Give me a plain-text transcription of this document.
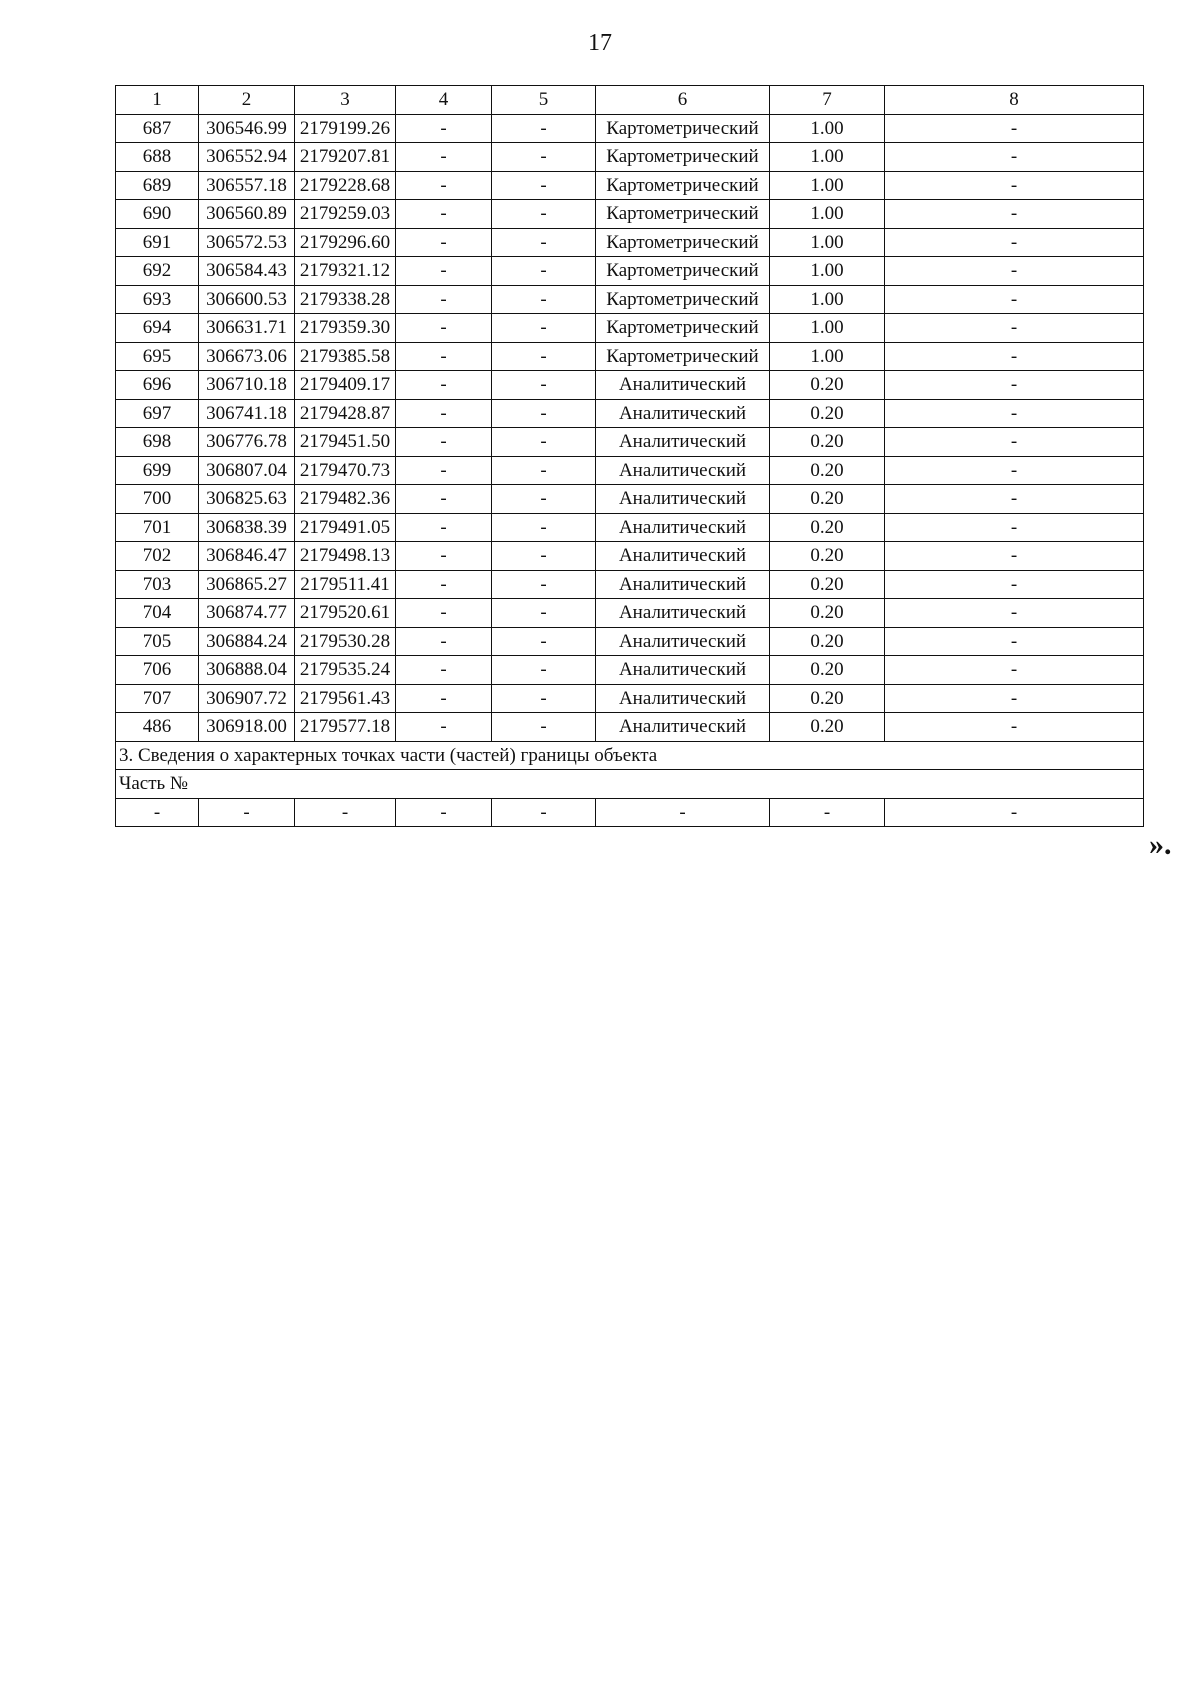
17
1	2	3	4	5	6	7	8
687	306546.99	2179199.26	-	-	Картометрический	1.00	-
688	306552.94	2179207.81	-	-	Картометрический	1.00	-
689	306557.18	2179228.68	-	-	Картометрический	1.00	-
690	306560.89	2179259.03	-	-	Картометрический	1.00	-
691	306572.53	2179296.60	-	-	Картометрический	1.00	-
692	306584.43	2179321.12	-	-	Картометрический	1.00	-
693	306600.53	2179338.28	-	-	Картометрический	1.00	-
694	306631.71	2179359.30	-	-	Картометрический	1.00	-
695	306673.06	2179385.58	-	-	Картометрический	1.00	-
696	306710.18	2179409.17	-	-	Аналитический	0.20	-
697	306741.18	2179428.87	-	-	Аналитический	0.20	-
698	306776.78	2179451.50	-	-	Аналитический	0.20	-
699	306807.04	2179470.73	-	-	Аналитический	0.20	-
700	306825.63	2179482.36	-	-	Аналитический	0.20	-
701	306838.39	2179491.05	-	-	Аналитический	0.20	-
702	306846.47	2179498.13	-	-	Аналитический	0.20	-
703	306865.27	2179511.41	-	-	Аналитический	0.20	-
704	306874.77	2179520.61	-	-	Аналитический	0.20	-
705	306884.24	2179530.28	-	-	Аналитический	0.20	-
706	306888.04	2179535.24	-	-	Аналитический	0.20	-
707	306907.72	2179561.43	-	-	Аналитический	0.20	-
486	306918.00	2179577.18	-	-	Аналитический	0.20	-
3. Сведения о характерных точках части (частей) границы объекта							
Часть №							
-	-	-	-	-	-	-	-
».
